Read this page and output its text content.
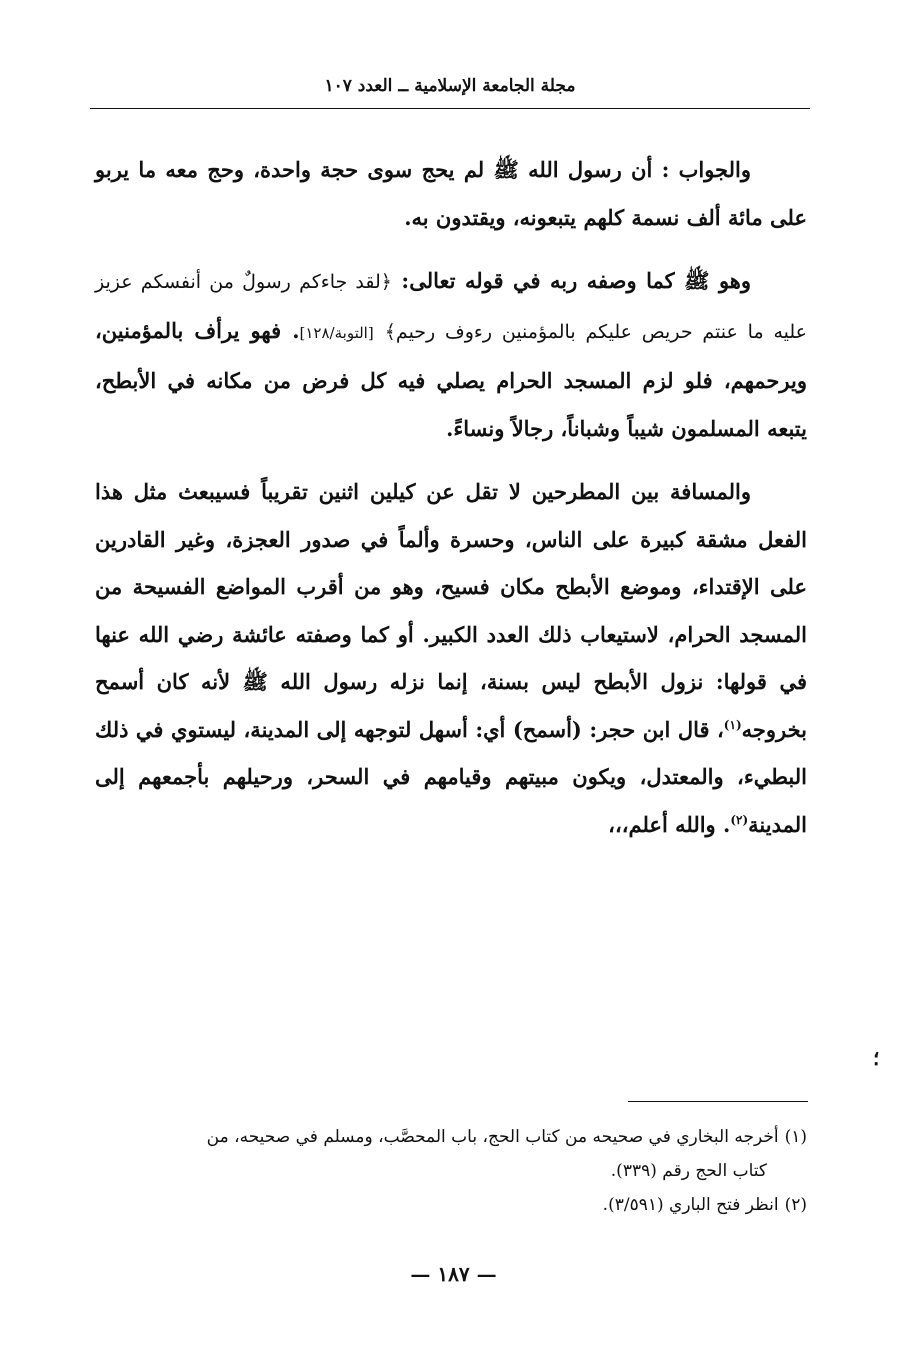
مجلة الجامعة الإسلامية ــ العدد ١٠٧

والجواب : أن رسول الله ﷺ لم يحج سوى حجة واحدة، وحج معه ما يربو على مائة ألف نسمة كلهم يتبعونه، ويقتدون به.

وهو ﷺ كما وصفه ربه في قوله تعالى: ﴿لقد جاءكم رسولٌ من أنفسكم عزيز عليه ما عنتم حريص عليكم بالمؤمنين رءوف رحيم﴾ [التوبة/١٢٨]. فهو يرأف بالمؤمنين، ويرحمهم، فلو لزم المسجد الحرام يصلي فيه كل فرض من مكانه في الأبطح، يتبعه المسلمون شيباً وشباناً، رجالاً ونساءً.

والمسافة بين المطرحين لا تقل عن كيلين اثنين تقريباً فسيبعث مثل هذا الفعل مشقة كبيرة على الناس، وحسرة وألماً في صدور العجزة، وغير القادرين على الإقتداء، وموضع الأبطح مكان فسيح، وهو من أقرب المواضع الفسيحة من المسجد الحرام، لاستيعاب ذلك العدد الكبير. أو كما وصفته عائشة رضي الله عنها في قولها: نزول الأبطح ليس بسنة، إنما نزله رسول الله ﷺ لأنه كان أسمح بخروجه$^{(١)}$، قال ابن حجر: (أسمح) أي: أسهل لتوجهه إلى المدينة، ليستوي في ذلك البطيء، والمعتدل، ويكون مبيتهم وقيامهم في السحر، ورحيلهم بأجمعهم إلى المدينة$^{(٢)}$. والله أعلم،،،

؛

(١)أخرجه البخاري في صحيحه من كتاب الحج، باب المحصَّب، ومسلم في صحيحه، من

كتاب الحج رقم (٣٣٩).

(٢)انظر فتح الباري (٣/٥٩١).

— ١٨٧ —
